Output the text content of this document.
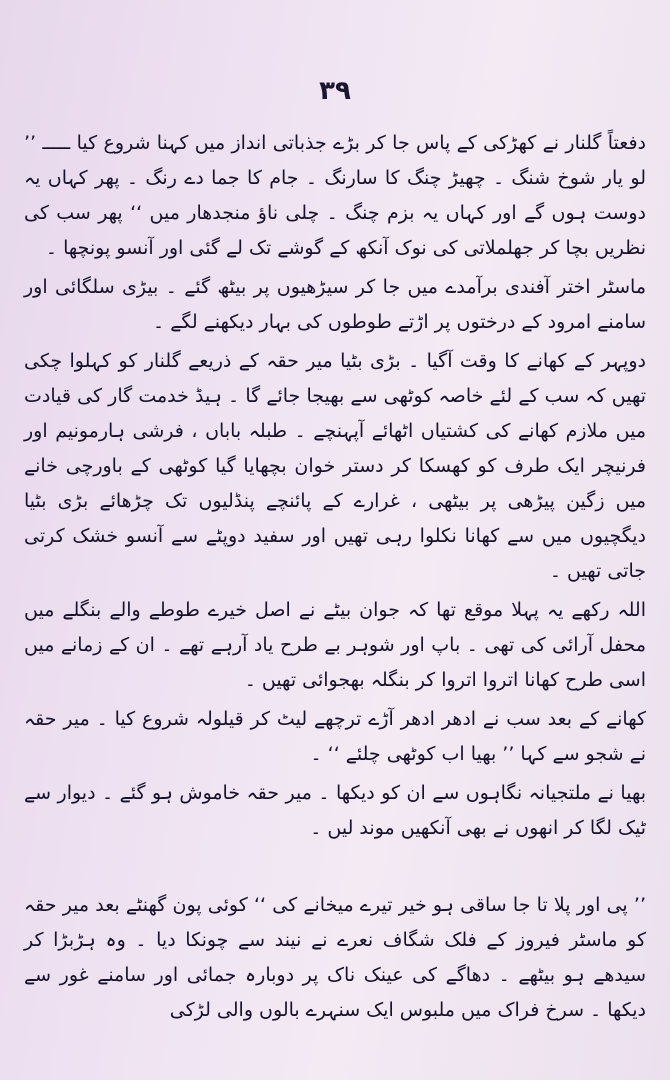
۳۹

دفعتاً گلنار نے کھڑکی کے پاس جا کر بڑے جذباتی انداز میں کہنا شروع کیا ـــــ ’’ لو یار شوخ شنگ ۔ چھیڑ چنگ کا سارنگ ۔ جام کا جما دے رنگ ۔ پھر کہاں یہ دوست ہوں گے اور کہاں یہ بزم چنگ ۔ چلی ناؤ منجدھار میں ‘‘ پھر سب کی نظریں بچا کر جھلملاتی کی نوک آنکھ کے گوشے تک لے گئی اور آنسو پونچھا ۔

ماسٹر اختر آفندی برآمدے میں جا کر سیڑھیوں پر بیٹھ گئے ۔ بیڑی سلگائی اور سامنے امرود کے درختوں پر اڑتے طوطوں کی بہار دیکھنے لگے ۔

دوپہر کے کھانے کا وقت آگیا ۔ بڑی بٹیا میر حقہ کے ذریعے گلنار کو کہلوا چکی تھیں کہ سب کے لئے خاصہ کوٹھی سے بھیجا جائے گا ۔ ہیڈ خدمت گار کی قیادت میں ملازم کھانے کی کشتیاں اٹھائے آپہنچے ۔ طبلہ باباں ، فرشی ہارمونیم اور فرنیچر ایک طرف کو کھسکا کر دستر خوان بچھایا گیا کوٹھی کے باورچی خانے میں زگین پیڑھی پر بیٹھی ، غرارے کے پائنچے پنڈلیوں تک چڑھائے بڑی بٹیا دیگچیوں میں سے کھانا نکلوا رہی تھیں اور سفید دوپٹے سے آنسو خشک کرتی جاتی تھیں ۔

اللہ رکھے یہ پہلا موقع تھا کہ جوان بیٹے نے اصل خیرے طوطے والے بنگلے میں محفل آرائی کی تھی ۔ باپ اور شوہر بے طرح یاد آرہے تھے ۔ ان کے زمانے میں اسی طرح کھانا اتروا اتروا کر بنگلہ بھجوائی تھیں ۔

کھانے کے بعد سب نے ادھر ادھر آڑے ترچھے لیٹ کر قیلولہ شروع کیا ۔ میر حقہ نے شجو سے کہا ’’ بھیا اب کوٹھی چلئے ‘‘ ۔

بھیا نے ملتجیانہ نگاہوں سے ان کو دیکھا ۔ میر حقہ خاموش ہو گئے ۔ دیوار سے ٹیک لگا کر انھوں نے بھی آنکھیں موند لیں ۔

’’ پی اور پلا تا جا ساقی ہو خیر تیرے میخانے کی ‘‘ کوئی پون گھنٹے بعد میر حقہ کو ماسٹر فیروز کے فلک شگاف نعرے نے نیند سے چونکا دیا ۔ وہ ہڑبڑا کر سیدھے ہو بیٹھے ۔ دھاگے کی عینک ناک پر دوبارہ جمائی اور سامنے غور سے دیکھا ۔ سرخ فراک میں ملبوس ایک سنہرے بالوں والی لڑکی
